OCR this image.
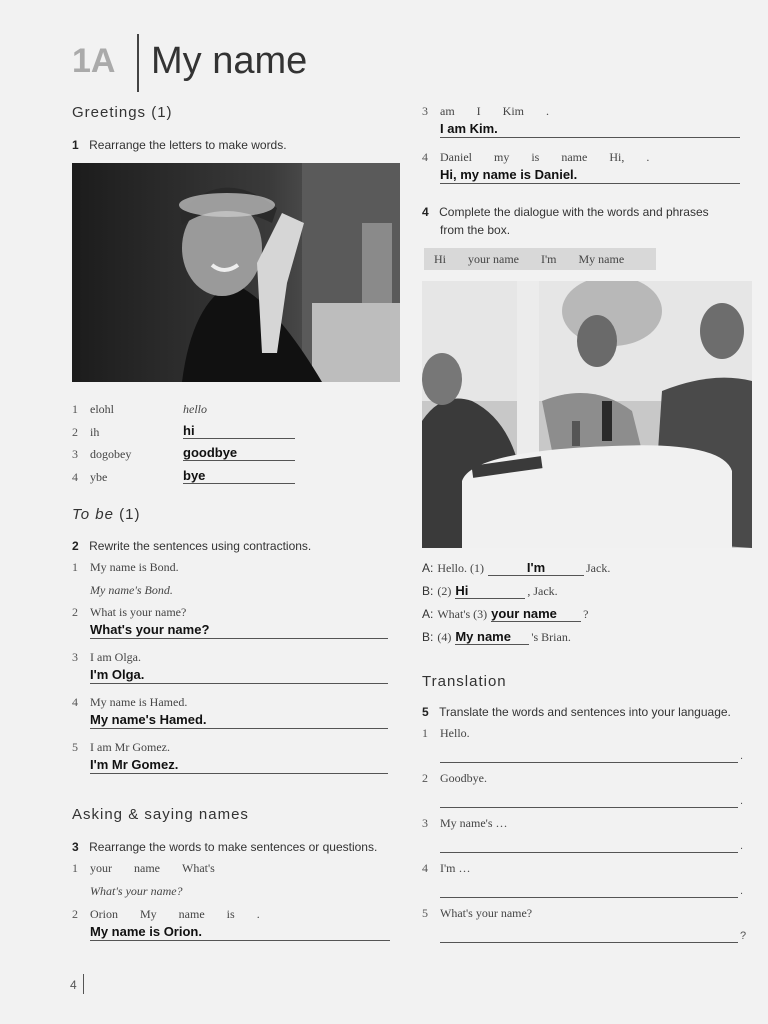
1A My name
Greetings (1)
1 Rearrange the letters to make words.
1 elohl	hello
2 ih	hi
3 dogobey	goodbye
4 ybe	bye
To be (1)
2 Rewrite the sentences using contractions.
1 My name is Bond.
My name's Bond.
2 What is your name?
What's your name?
3 I am Olga.
I'm Olga.
4 My name is Hamed.
My name's Hamed.
5 I am Mr Gomez.
I'm Mr Gomez.
Asking & saying names
3 Rearrange the words to make sentences or questions.
1 your name What's
What's your name?
2 Orion My name is .
My name is Orion.
3 am I Kim .
I am Kim.
4 Daniel my is name Hi, .
Hi, my name is Daniel.
4 Complete the dialogue with the words and phrases
from the box.
Hi your name I'm My name
A: Hello. (1)	I'm	Jack.
B: (2) Hi	, Jack.
A: What's (3) your name ?
B: (4) My name 's Brian.
Translation
5 Translate the words and sentences into your language.
1 Hello.
.
2 Goodbye.
.
3 My name's …
.
4 I'm …
.
5 What's your name?
?
4
